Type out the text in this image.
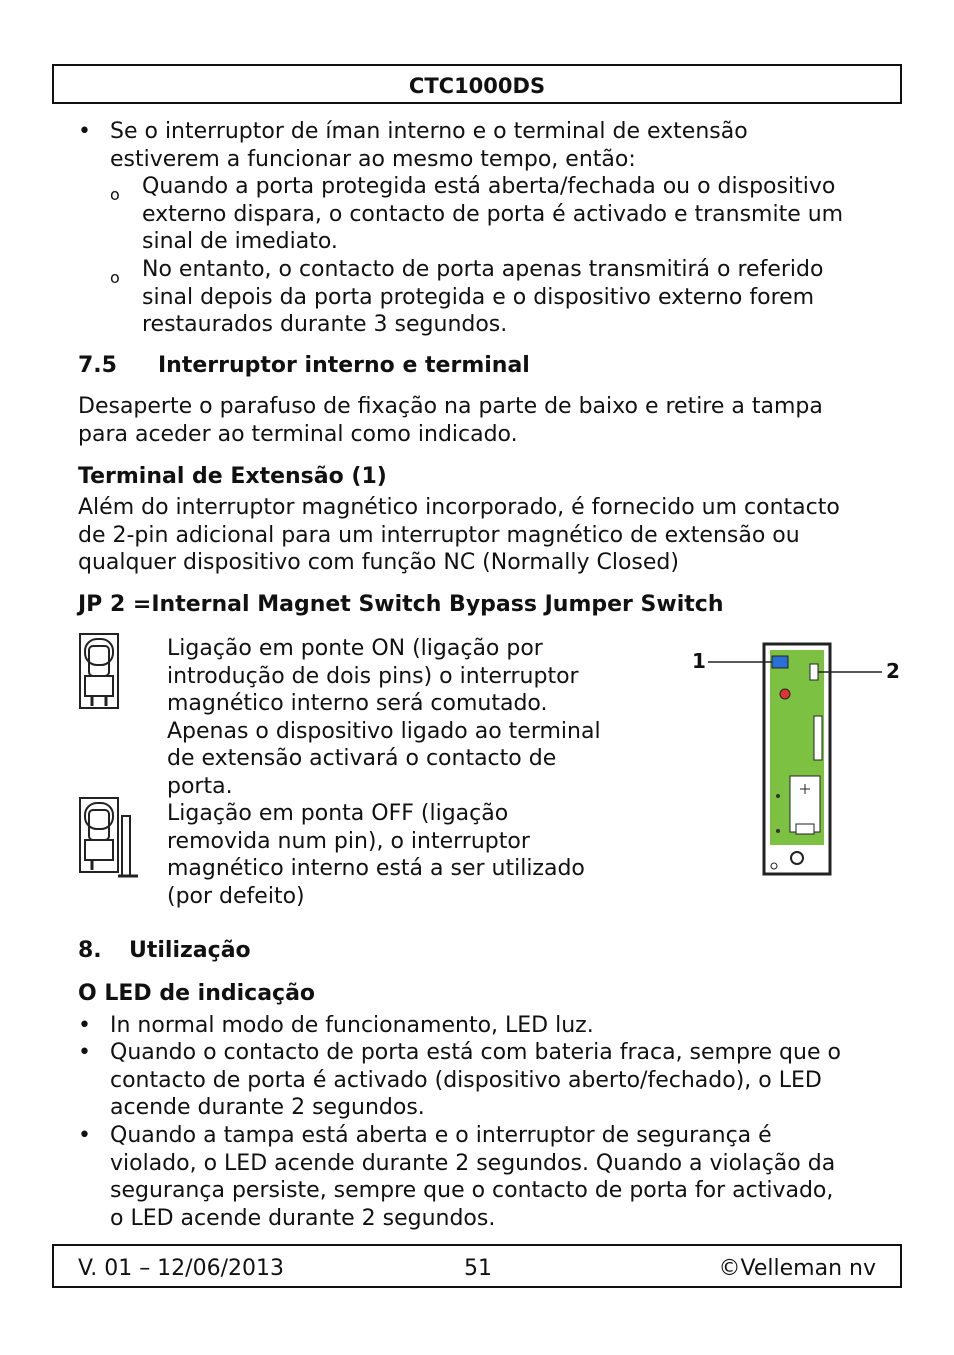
CTC1000DS
• Se o interruptor de íman interno e o terminal de extensão
estiverem a funcionar ao mesmo tempo, então:
o Quando a porta protegida está aberta/fechada ou o dispositivo
externo dispara, o contacto de porta é activado e transmite um
sinal de imediato.
o No entanto, o contacto de porta apenas transmitirá o referido
sinal depois da porta protegida e o dispositivo externo forem
restaurados durante 3 segundos.
7.5 Interruptor interno e terminal
Desaperte o parafuso de fixação na parte de baixo e retire a tampa
para aceder ao terminal como indicado.
Terminal de Extensão (1)
Além do interruptor magnético incorporado, é fornecido um contacto
de 2-pin adicional para um interruptor magnético de extensão ou
qualquer dispositivo com função NC (Normally Closed)
JP 2 =Internal Magnet Switch Bypass Jumper Switch
Ligação em ponte ON (ligação por
introdução de dois pins) o interruptor
magnético interno será comutado.
Apenas o dispositivo ligado ao terminal
de extensão activará o contacto de
porta.
Ligação em ponta OFF (ligação
removida num pin), o interruptor
magnético interno está a ser utilizado
(por defeito)
1	2
8. Utilização
O LED de indicação
• In normal modo de funcionamento, LED luz.
• Quando o contacto de porta está com bateria fraca, sempre que o
contacto de porta é activado (dispositivo aberto/fechado), o LED
acende durante 2 segundos.
• Quando a tampa está aberta e o interruptor de segurança é
violado, o LED acende durante 2 segundos. Quando a violação da
segurança persiste, sempre que o contacto de porta for activado,
o LED acende durante 2 segundos.
V. 01 – 12/06/2013	51	©Velleman nv
